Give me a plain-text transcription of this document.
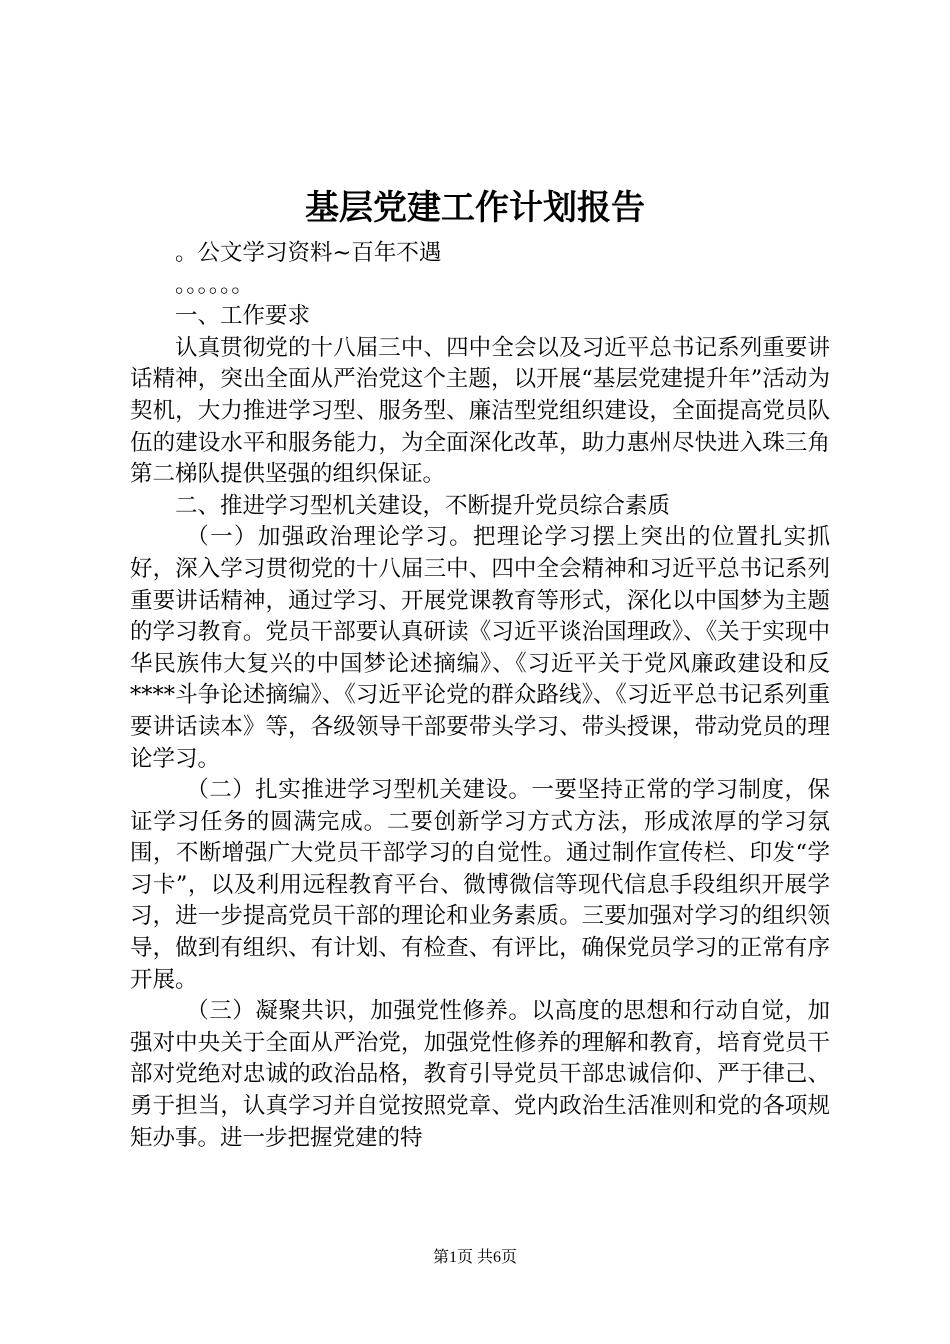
基层党建工作计划报告

。公文学习资料~百年不遇

。。。。。。

一、工作要求

认真贯彻党的十八届三中、四中全会以及习近平总书记系列重要讲话精神，突出全面从严治党这个主题，以开展“基层党建提升年”活动为契机，大力推进学习型、服务型、廉洁型党组织建设，全面提高党员队伍的建设水平和服务能力，为全面深化改革，助力惠州尽快进入珠三角第二梯队提供坚强的组织保证。

二、推进学习型机关建设，不断提升党员综合素质

（一）加强政治理论学习。把理论学习摆上突出的位置扎实抓好，深入学习贯彻党的十八届三中、四中全会精神和习近平总书记系列重要讲话精神，通过学习、开展党课教育等形式，深化以中国梦为主题的学习教育。党员干部要认真研读《习近平谈治国理政》、《关于实现中华民族伟大复兴的中国梦论述摘编》、《习近平关于党风廉政建设和反****斗争论述摘编》、《习近平论党的群众路线》、《习近平总书记系列重要讲话读本》等，各级领导干部要带头学习、带头授课，带动党员的理论学习。

（二）扎实推进学习型机关建设。一要坚持正常的学习制度，保证学习任务的圆满完成。二要创新学习方式方法，形成浓厚的学习氛围，不断增强广大党员干部学习的自觉性。通过制作宣传栏、印发“学习卡”，以及利用远程教育平台、微博微信等现代信息手段组织开展学习，进一步提高党员干部的理论和业务素质。三要加强对学习的组织领导，做到有组织、有计划、有检查、有评比，确保党员学习的正常有序开展。

（三）凝聚共识，加强党性修养。以高度的思想和行动自觉，加强对中央关于全面从严治党，加强党性修养的理解和教育，培育党员干部对党绝对忠诚的政治品格，教育引导党员干部忠诚信仰、严于律己、勇于担当，认真学习并自觉按照党章、党内政治生活准则和党的各项规矩办事。进一步把握党建的特

第1页 共6页
